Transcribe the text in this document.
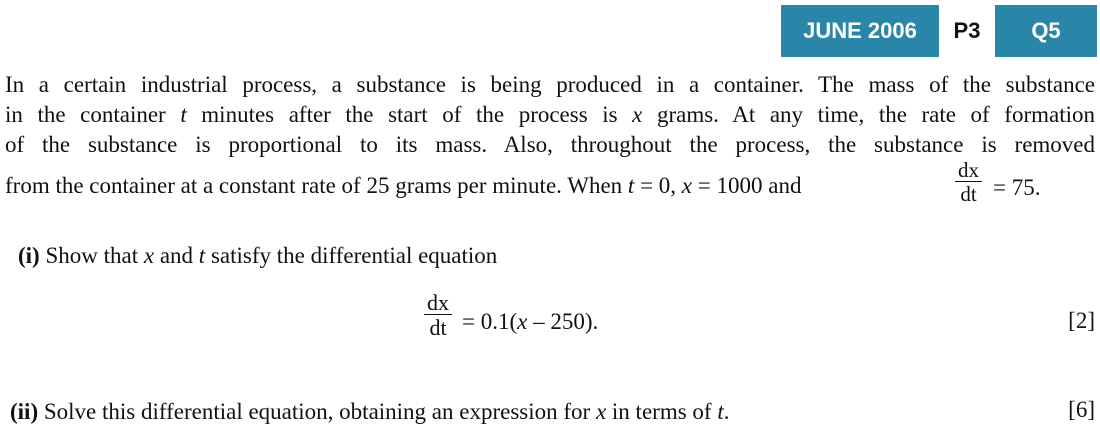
JUNE 2006	P3	Q5
In a certain industrial process, a substance is being produced in a container. The mass of the substance
in the container t minutes after the start of the process is x grams. At any time, the rate of formation
of the substance is proportional to its mass. Also, throughout the process, the substance is removed
from the container at a constant rate of 25 grams per minute. When t = 0, x = 1000 and	$\frac{dx}{dt} = 75$.
(i) Show that x and t satisfy the differential equation
$\frac{dx}{dt} = 0.1(x - 250)$.	[2]
(ii) Solve this differential equation, obtaining an expression for x in terms of t.	[6]
